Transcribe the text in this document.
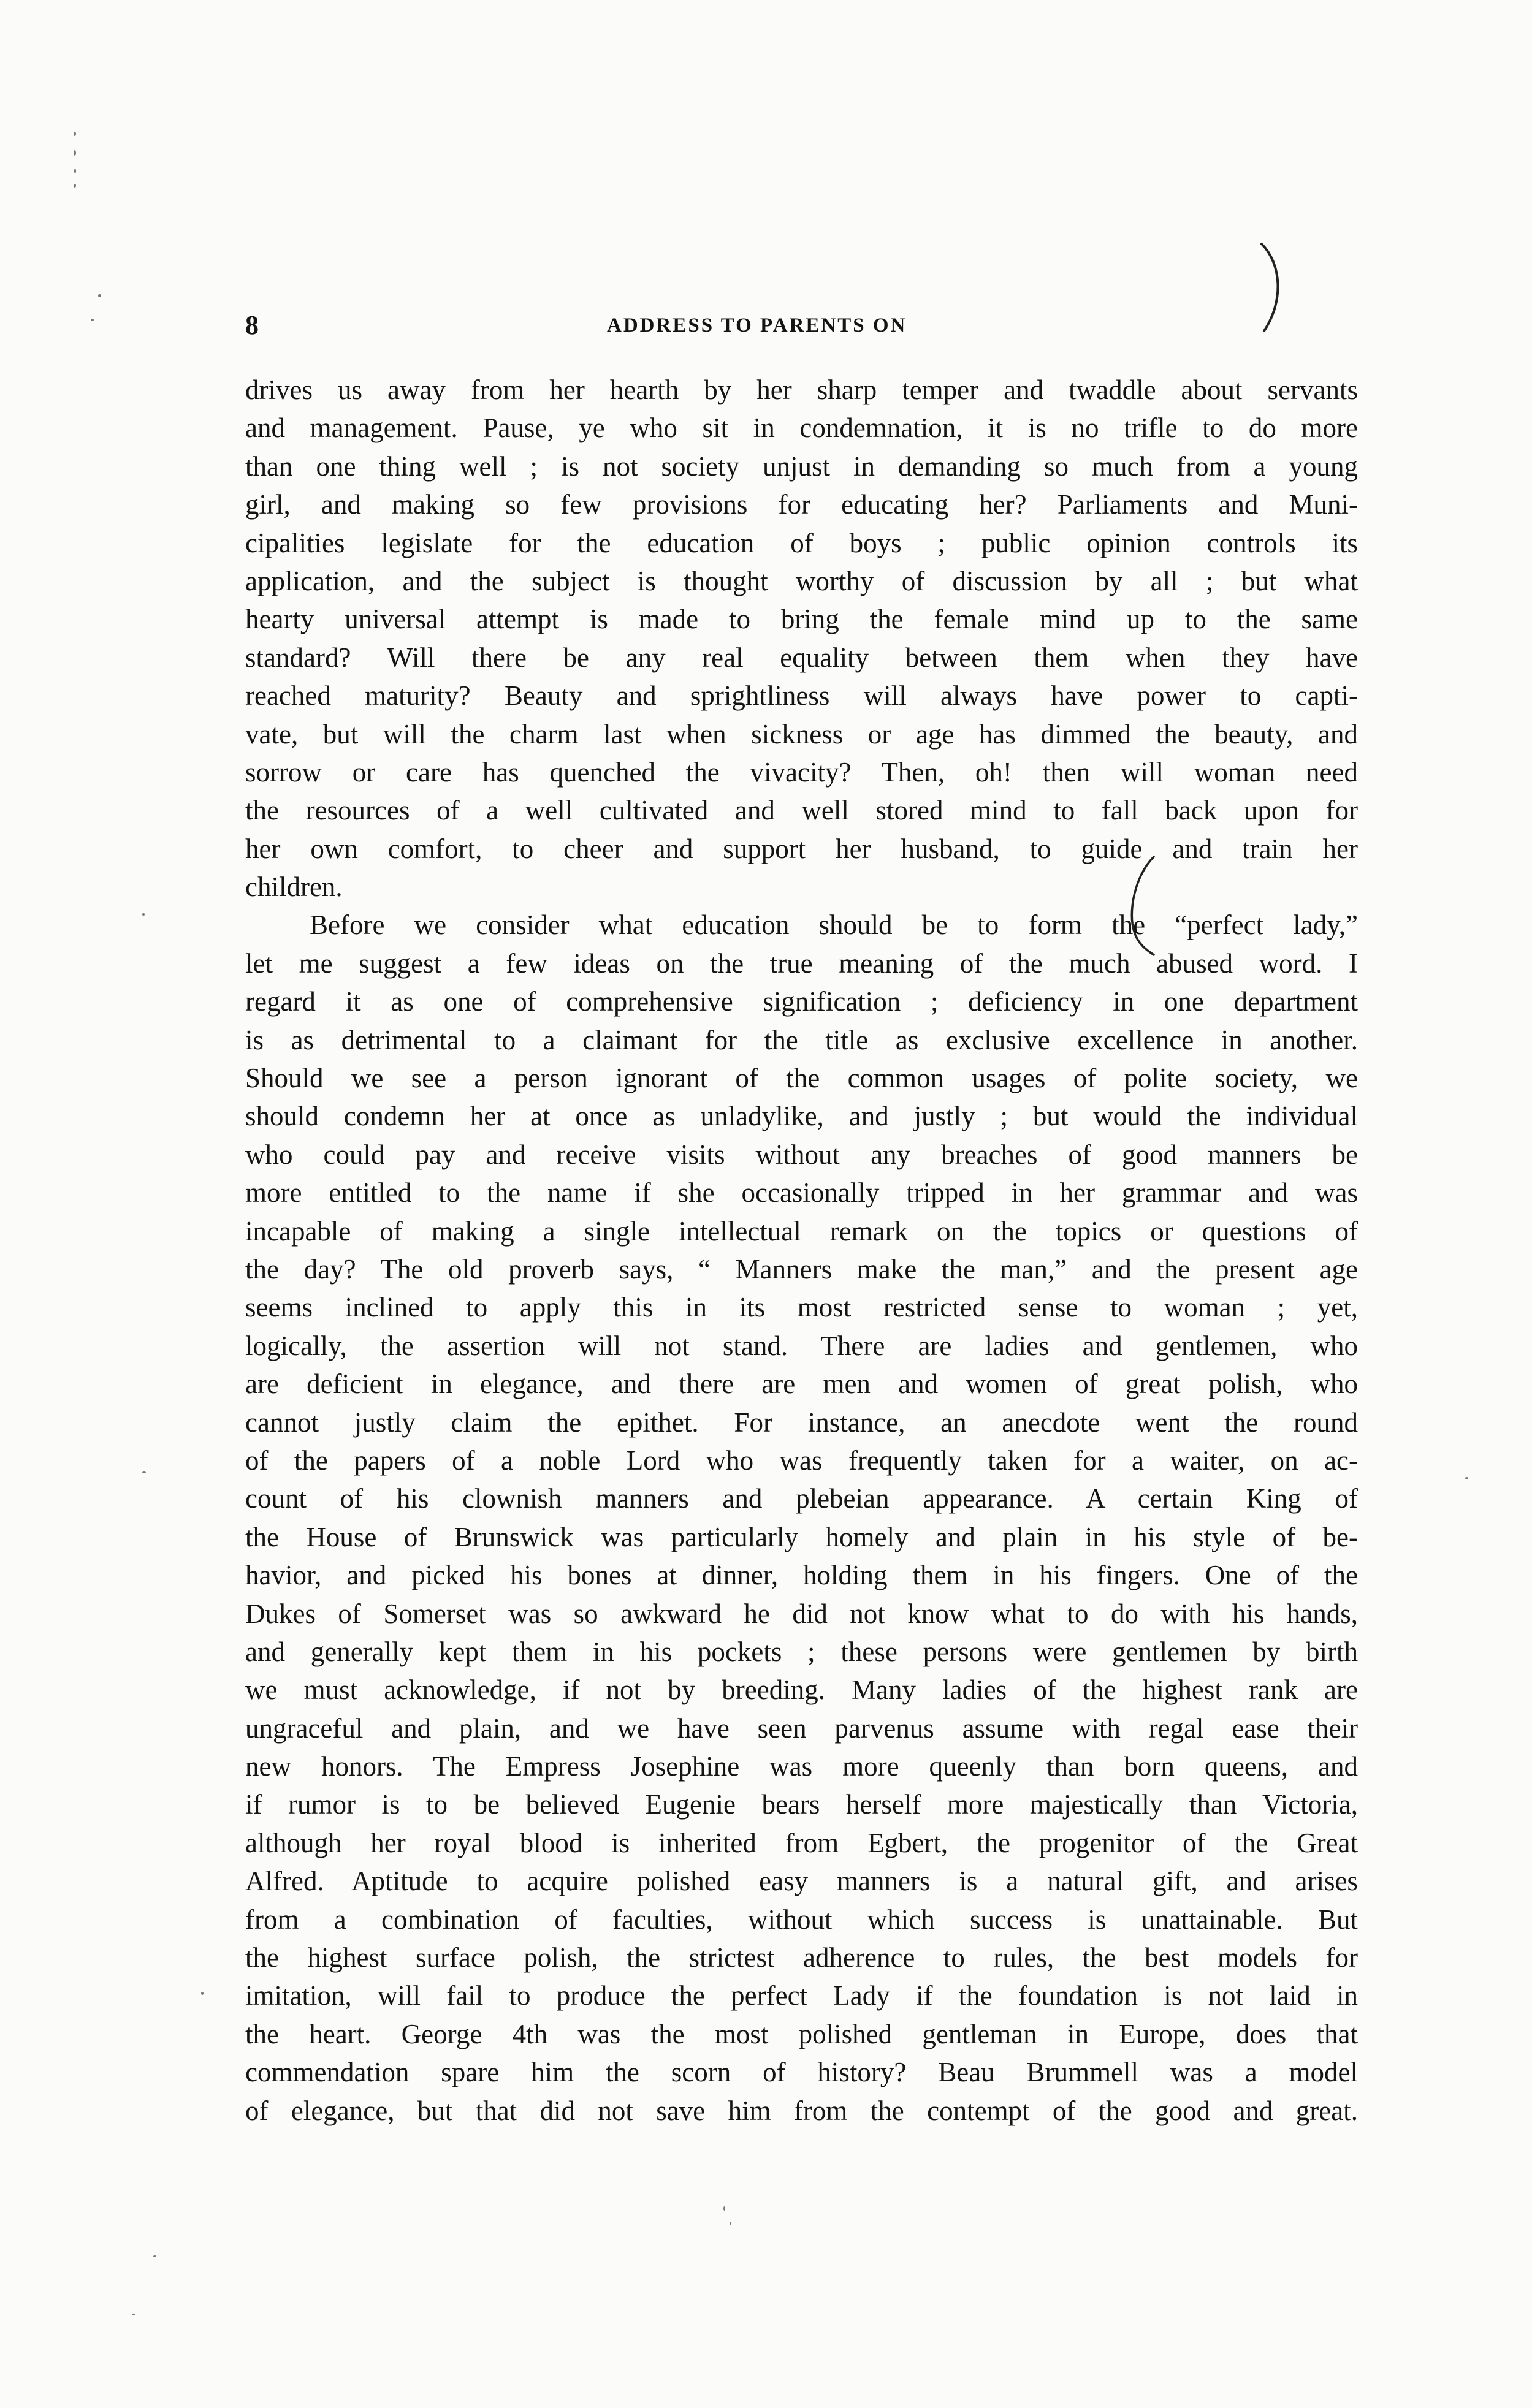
8	ADDRESS TO PARENTS ON
drives us away from her hearth by her sharp temper and twaddle about servants
and management. Pause, ye who sit in condemnation, it is no trifle to do more
than one thing well ; is not society unjust in demanding so much from a young
girl, and making so few provisions for educating her? Parliaments and Muni-
cipalities legislate for the education of boys ; public opinion controls its
application, and the subject is thought worthy of discussion by all ; but what
hearty universal attempt is made to bring the female mind up to the same
standard? Will there be any real equality between them when they have
reached maturity? Beauty and sprightliness will always have power to capti-
vate, but will the charm last when sickness or age has dimmed the beauty, and
sorrow or care has quenched the vivacity? Then, oh! then will woman need
the resources of a well cultivated and well stored mind to fall back upon for
her own comfort, to cheer and support her husband, to guide and train her
children.
Before we consider what education should be to form the “perfect lady,”
let me suggest a few ideas on the true meaning of the much abused word. I
regard it as one of comprehensive signification ; deficiency in one department
is as detrimental to a claimant for the title as exclusive excellence in another.
Should we see a person ignorant of the common usages of polite society, we
should condemn her at once as unladylike, and justly ; but would the individual
who could pay and receive visits without any breaches of good manners be
more entitled to the name if she occasionally tripped in her grammar and was
incapable of making a single intellectual remark on the topics or questions of
the day? The old proverb says, “ Manners make the man,” and the present age
seems inclined to apply this in its most restricted sense to woman ; yet,
logically, the assertion will not stand. There are ladies and gentlemen, who
are deficient in elegance, and there are men and women of great polish, who
cannot justly claim the epithet. For instance, an anecdote went the round
of the papers of a noble Lord who was frequently taken for a waiter, on ac-
count of his clownish manners and plebeian appearance. A certain King of
the House of Brunswick was particularly homely and plain in his style of be-
havior, and picked his bones at dinner, holding them in his fingers. One of the
Dukes of Somerset was so awkward he did not know what to do with his hands,
and generally kept them in his pockets ; these persons were gentlemen by birth
we must acknowledge, if not by breeding. Many ladies of the highest rank are
ungraceful and plain, and we have seen parvenus assume with regal ease their
new honors. The Empress Josephine was more queenly than born queens, and
if rumor is to be believed Eugenie bears herself more majestically than Victoria,
although her royal blood is inherited from Egbert, the progenitor of the Great
Alfred. Aptitude to acquire polished easy manners is a natural gift, and arises
from a combination of faculties, without which success is unattainable. But
the highest surface polish, the strictest adherence to rules, the best models for
imitation, will fail to produce the perfect Lady if the foundation is not laid in
the heart. George 4th was the most polished gentleman in Europe, does that
commendation spare him the scorn of history? Beau Brummell was a model
of elegance, but that did not save him from the contempt of the good and great.
